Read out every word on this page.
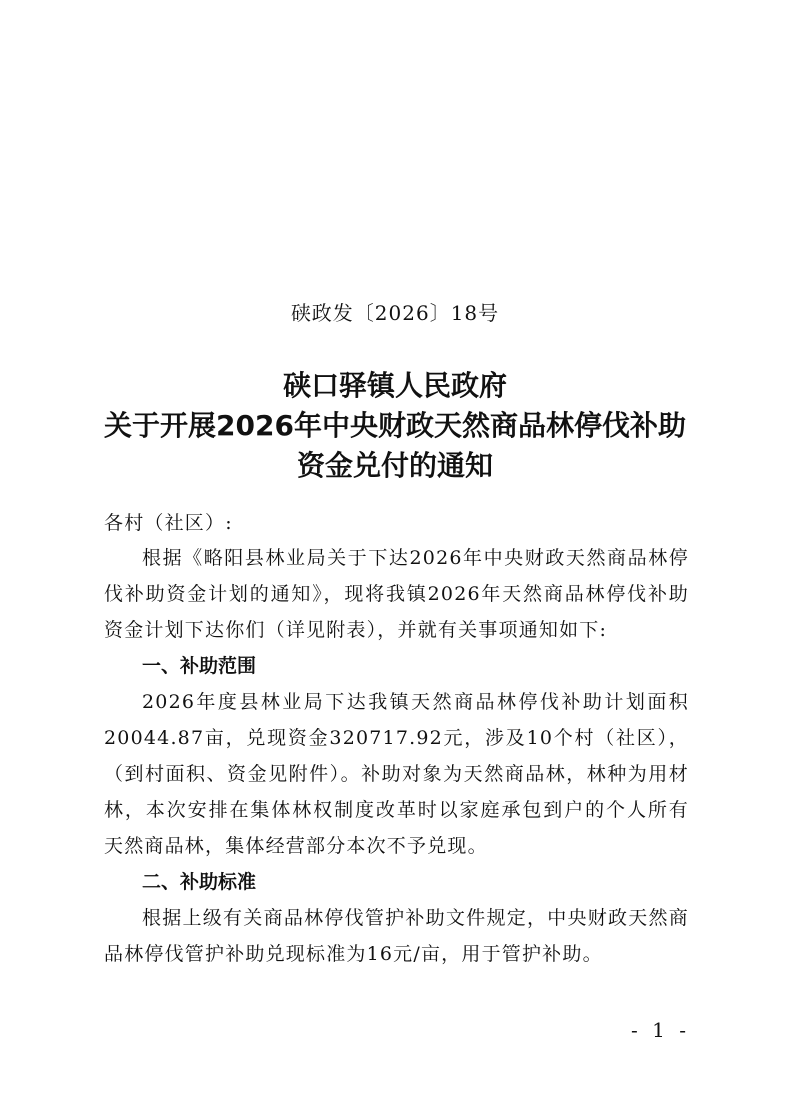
硖政发〔2026〕18号
硖口驿镇人民政府
关于开展2026年中央财政天然商品林停伐补助
资金兑付的通知
各村（社区）:
根据《略阳县林业局关于下达2026年中央财政天然商品林停伐补助资金计划的通知》，现将我镇2026年天然商品林停伐补助资金计划下达你们（详见附表），并就有关事项通知如下:
一、补助范围
2026年度县林业局下达我镇天然商品林停伐补助计划面积20044.87亩，兑现资金320717.92元，涉及10个村（社区），（到村面积、资金见附件）。补助对象为天然商品林，林种为用材林，本次安排在集体林权制度改革时以家庭承包到户的个人所有天然商品林，集体经营部分本次不予兑现。
二、补助标准
根据上级有关商品林停伐管护补助文件规定，中央财政天然商品林停伐管护补助兑现标准为16元/亩，用于管护补助。
- 1 -
